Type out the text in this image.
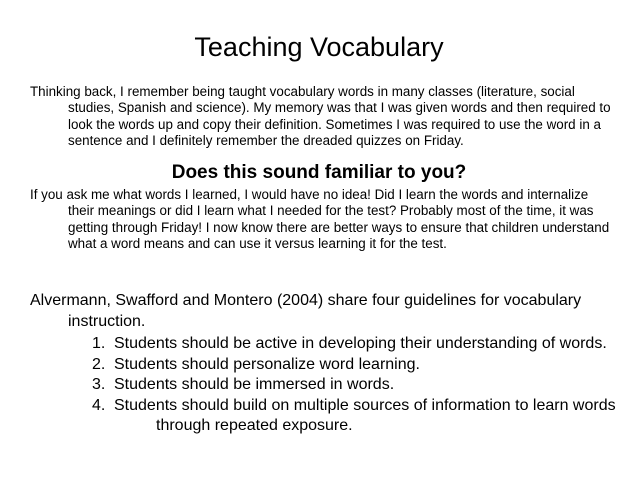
Teaching Vocabulary
Thinking back, I remember being taught vocabulary words in many classes (literature, social studies, Spanish and science). My memory was that I was given words and then required to look the words up and copy their definition. Sometimes I was required to use the word in a sentence and I definitely remember the dreaded quizzes on Friday.
Does this sound familiar to you?
If you ask me what words I learned, I would have no idea! Did I learn the words and internalize their meanings or did I learn what I needed for the test? Probably most of the time, it was getting through Friday! I now know there are better ways to ensure that children understand what a word means and can use it versus learning it for the test.
Alvermann, Swafford and Montero (2004) share four guidelines for vocabulary instruction.
1. Students should be active in developing their understanding of words.
2. Students should personalize word learning.
3. Students should be immersed in words.
4. Students should build on multiple sources of information to learn words through repeated exposure.
